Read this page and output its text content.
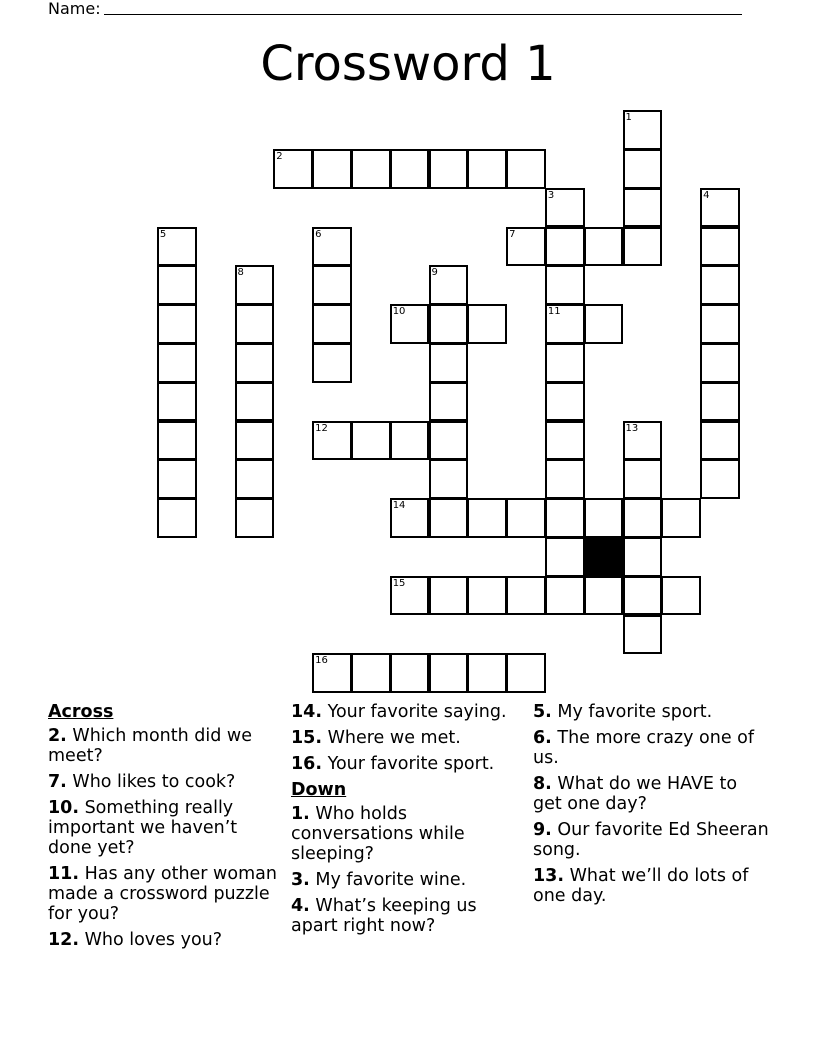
Name:
Crossword 1
1
2
3
11
4
7
5	6
8	9
10
12	13
14
15
16
Across
2. Which month did we meet?
7. Who likes to cook?
10. Something really important we haven’t done yet?
11. Has any other woman made a crossword puzzle for you?
12. Who loves you?
14. Your favorite saying.
15. Where we met.
16. Your favorite sport.
Down
1. Who holds conversations while sleeping?
3. My favorite wine.
4. What’s keeping us apart right now?
5. My favorite sport.
6. The more crazy one of us.
8. What do we HAVE to get one day?
9. Our favorite Ed Sheeran song.
13. What we’ll do lots of one day.
